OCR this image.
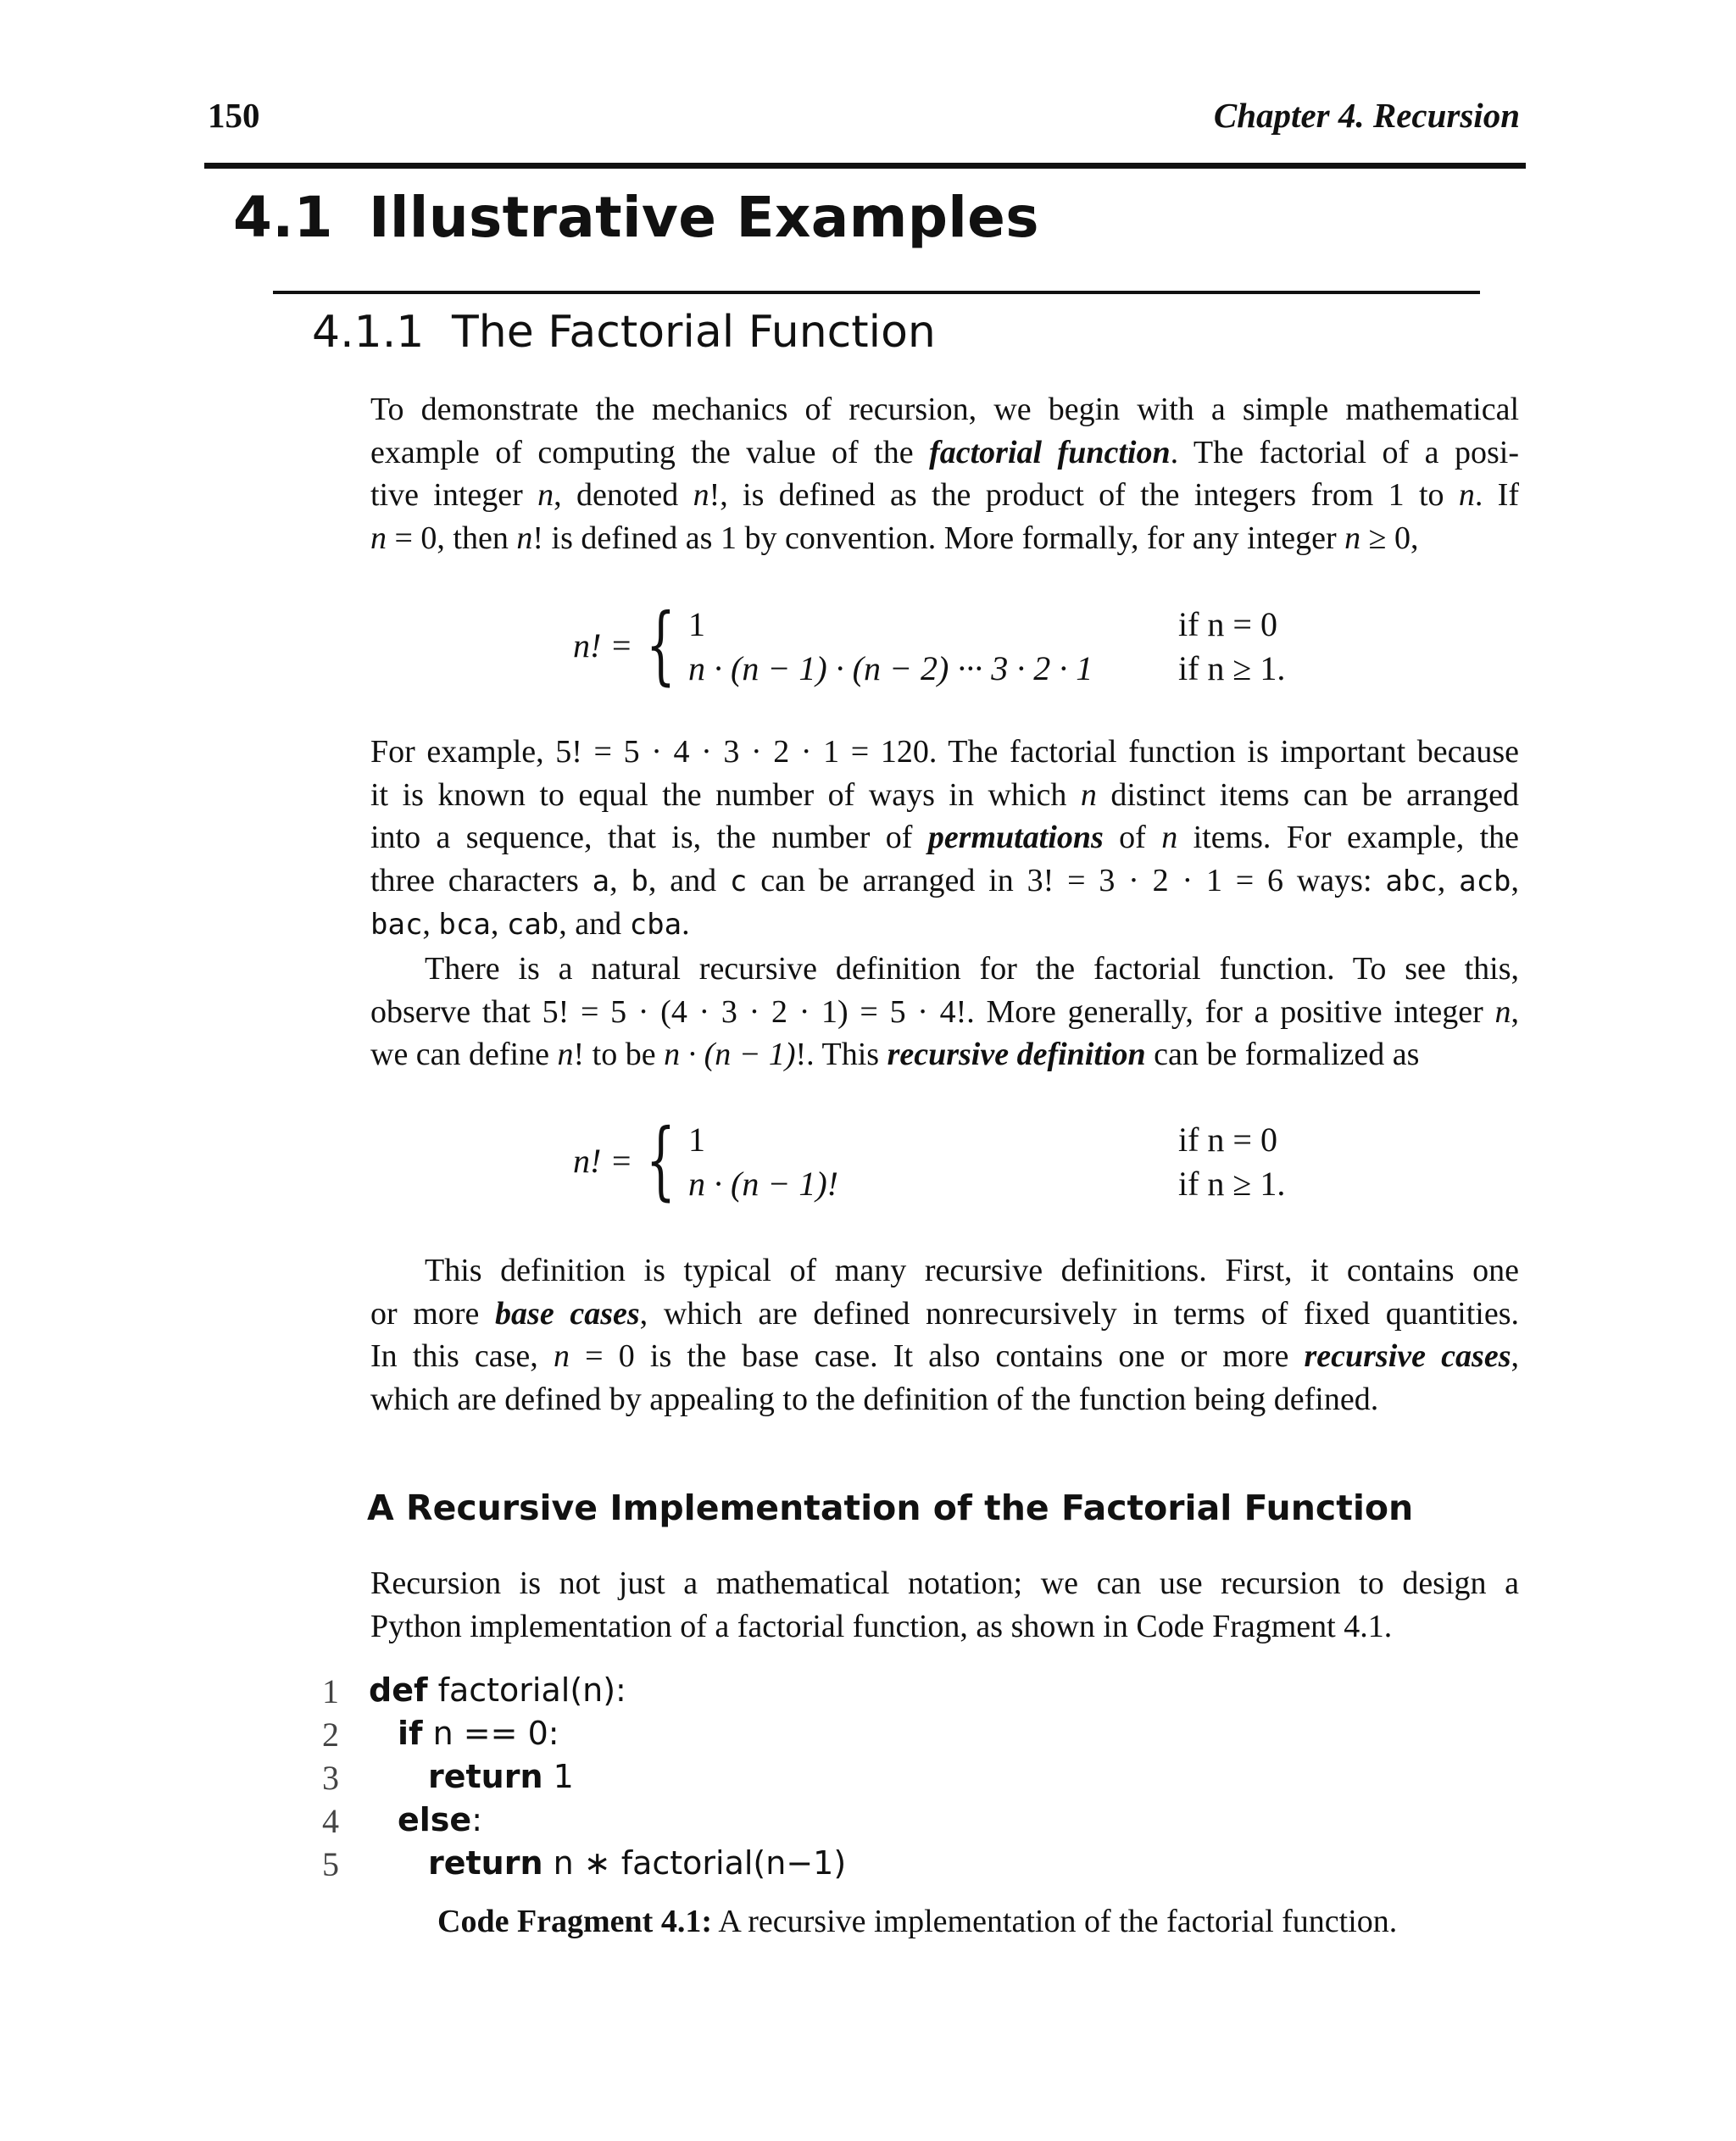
150	Chapter 4. Recursion
4.1 Illustrative Examples
4.1.1 The Factorial Function
To demonstrate the mechanics of recursion, we begin with a simple mathematical
example of computing the value of the factorial function. The factorial of a posi-
tive integer n, denoted n!, is defined as the product of the integers from 1 to n. If
n = 0, then n! is defined as 1 by convention. More formally, for any integer n ≥ 0,
n! = { 1	if n = 0
n · (n − 1) · (n − 2) ··· 3 · 2 · 1	if n ≥ 1.
For example, 5! = 5 · 4 · 3 · 2 · 1 = 120. The factorial function is important because
it is known to equal the number of ways in which n distinct items can be arranged
into a sequence, that is, the number of permutations of n items. For example, the
three characters a, b, and c can be arranged in 3! = 3 · 2 · 1 = 6 ways: abc, acb,
bac, bca, cab, and cba.
There is a natural recursive definition for the factorial function. To see this,
observe that 5! = 5 · (4 · 3 · 2 · 1) = 5 · 4!. More generally, for a positive integer n,
we can define n! to be n · (n − 1)!. This recursive definition can be formalized as
n! = { 1	if n = 0
n · (n − 1)!	if n ≥ 1.
This definition is typical of many recursive definitions. First, it contains one
or more base cases, which are defined nonrecursively in terms of fixed quantities.
In this case, n = 0 is the base case. It also contains one or more recursive cases,
which are defined by appealing to the definition of the function being defined.
A Recursive Implementation of the Factorial Function
Recursion is not just a mathematical notation; we can use recursion to design a
Python implementation of a factorial function, as shown in Code Fragment 4.1.
1 def factorial(n):
2	if n == 0:
3	return 1
4	else:
5	return n ∗ factorial(n−1)
Code Fragment 4.1: A recursive implementation of the factorial function.
